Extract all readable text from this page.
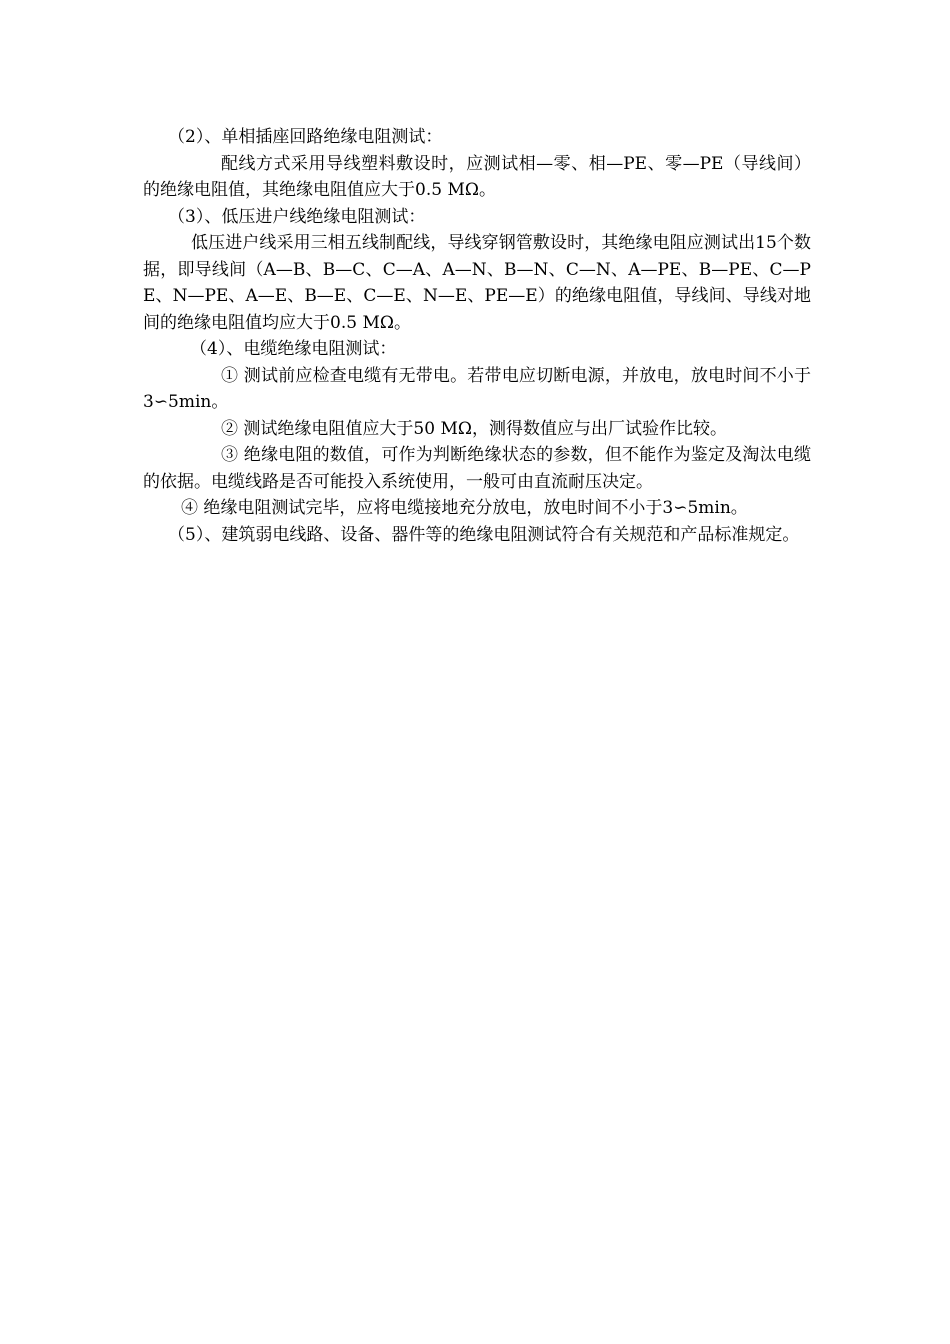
（2）、单相插座回路绝缘电阻测试：

配线方式采用导线塑料敷设时，应测试相—零、相—PE、零—PE（导线间）的绝缘电阻值，其绝缘电阻值应大于0.5 MΩ。

（3）、低压进户线绝缘电阻测试：

低压进户线采用三相五线制配线，导线穿钢管敷设时，其绝缘电阻应测试出15个数据，即导线间（A—B、B—C、C—A、A—N、B—N、C—N、A—PE、B—PE、C—PE、N—PE、A—E、B—E、C—E、N—E、PE—E）的绝缘电阻值，导线间、导线对地间的绝缘电阻值均应大于0.5 MΩ。

（4）、电缆绝缘电阻测试：

① 测试前应检查电缆有无带电。若带电应切断电源，并放电，放电时间不小于3∽5min。

② 测试绝缘电阻值应大于50 MΩ，测得数值应与出厂试验作比较。

③ 绝缘电阻的数值，可作为判断绝缘状态的参数，但不能作为鉴定及淘汰电缆的依据。电缆线路是否可能投入系统使用，一般可由直流耐压决定。

④ 绝缘电阻测试完毕，应将电缆接地充分放电，放电时间不小于3∽5min。

（5）、建筑弱电线路、设备、器件等的绝缘电阻测试符合有关规范和产品标准规定。
